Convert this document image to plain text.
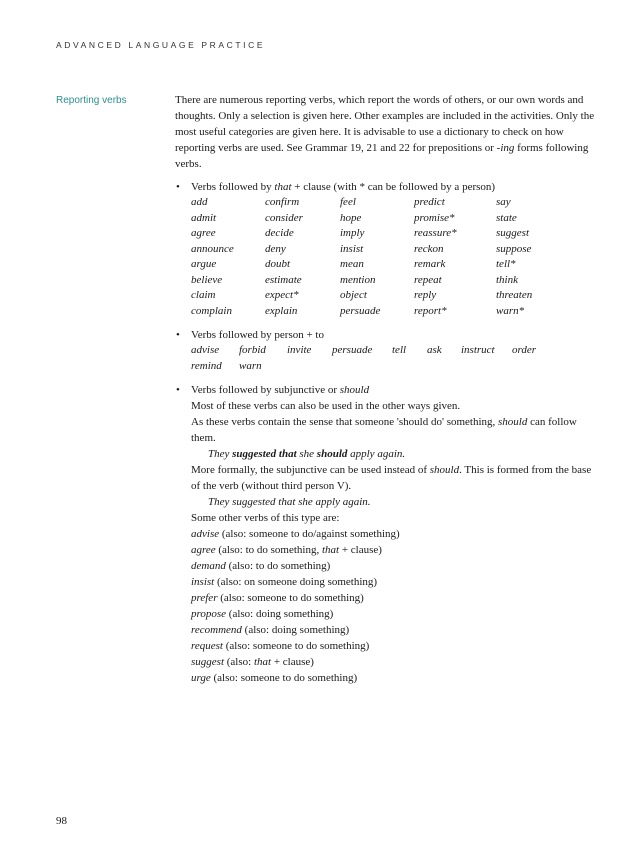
ADVANCED LANGUAGE PRACTICE
Reporting verbs	There are numerous reporting verbs, which report the words of others, or our own words and thoughts. Only a selection is given here. Other examples are included in the activities. Only the most useful categories are given here. It is advisable to use a dictionary to check on how reporting verbs are used. See Grammar 19, 21 and 22 for prepositions or -ing forms following verbs.

• Verbs followed by that + clause (with * can be followed by a person)
add	confirm	feel	predict	say
admit	consider	hope	promise*	state
agree	decide	imply	reassure*	suggest
announce	deny	insist	reckon	suppose
argue	doubt	mean	remark	tell*
believe	estimate	mention	repeat	think
claim	expect*	object	reply	threaten
complain	explain	persuade	report*	warn*
• Verbs followed by person + to
advise	forbid	invite	persuade	tell	ask	instruct	order
remind	warn
• Verbs followed by subjunctive or should
Most of these verbs can also be used in the other ways given.
As these verbs contain the sense that someone 'should do' something, should can follow them.
They suggested that she should apply again.
More formally, the subjunctive can be used instead of should. This is formed from the base of the verb (without third person V).
They suggested that she apply again.
Some other verbs of this type are:
advise (also: someone to do/against something)
agree (also: to do something, that + clause)
demand (also: to do something)
insist (also: on someone doing something)
prefer (also: someone to do something)
propose (also: doing something)
recommend (also: doing something)
request (also: someone to do something)
suggest (also: that + clause)
urge (also: someone to do something)
98
